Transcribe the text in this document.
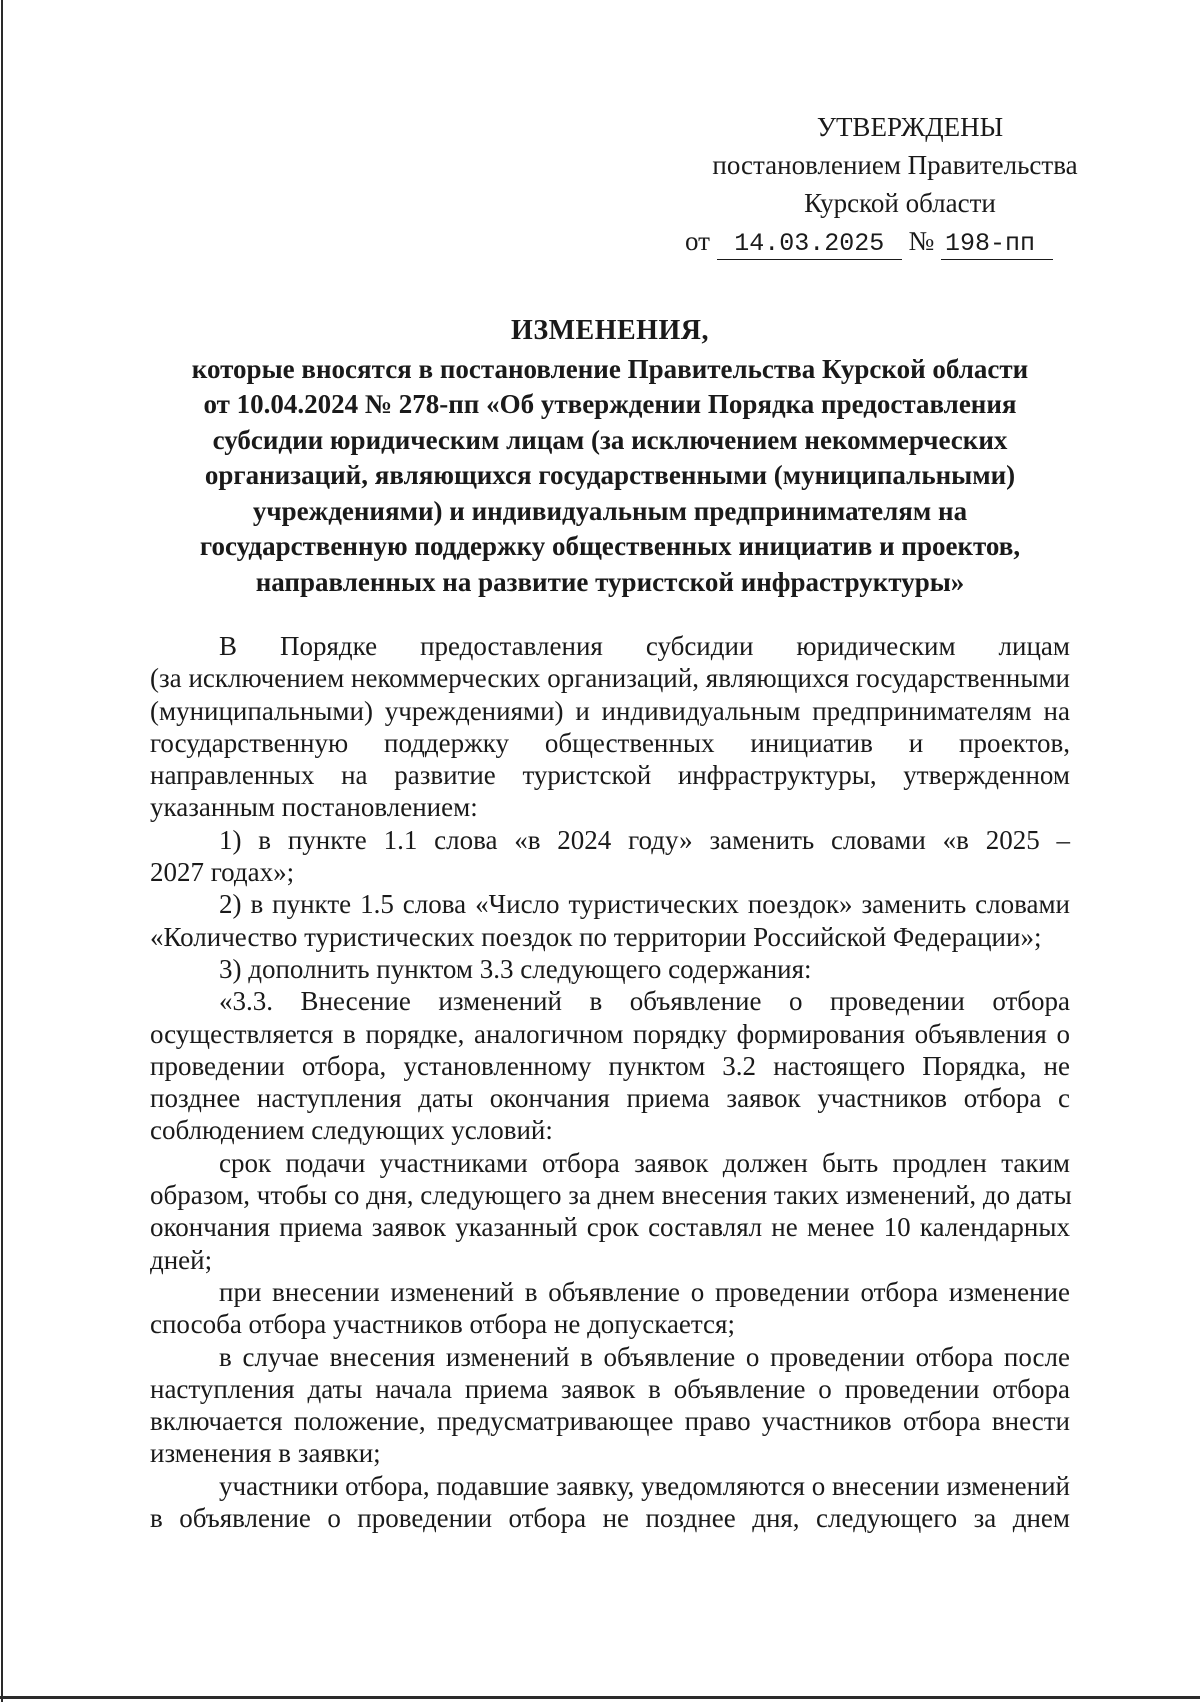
УТВЕРЖДЕНЫ
постановлением Правительства
Курской области
от 14.03.2025 № 198-пп
ИЗМЕНЕНИЯ,
которые вносятся в постановление Правительства Курской области
от 10.04.2024 № 278-пп «Об утверждении Порядка предоставления
субсидии юридическим лицам (за исключением некоммерческих
организаций, являющихся государственными (муниципальными)
учреждениями) и индивидуальным предпринимателям на
государственную поддержку общественных инициатив и проектов,
направленных на развитие туристской инфраструктуры»
В Порядке предоставления субсидии юридическим лицам
(за исключением некоммерческих организаций, являющихся государственными
(муниципальными) учреждениями) и индивидуальным предпринимателям на
государственную поддержку общественных инициатив и проектов,
направленных на развитие туристской инфраструктуры, утвержденном
указанным постановлением:
1) в пункте 1.1 слова «в 2024 году» заменить словами «в 2025 –
2027 годах»;
2) в пункте 1.5 слова «Число туристических поездок» заменить словами
«Количество туристических поездок по территории Российской Федерации»;
3) дополнить пунктом 3.3 следующего содержания:
«3.3. Внесение изменений в объявление о проведении отбора
осуществляется в порядке, аналогичном порядку формирования объявления о
проведении отбора, установленному пунктом 3.2 настоящего Порядка, не
позднее наступления даты окончания приема заявок участников отбора с
соблюдением следующих условий:
срок подачи участниками отбора заявок должен быть продлен таким
образом, чтобы со дня, следующего за днем внесения таких изменений, до даты
окончания приема заявок указанный срок составлял не менее 10 календарных
дней;
при внесении изменений в объявление о проведении отбора изменение
способа отбора участников отбора не допускается;
в случае внесения изменений в объявление о проведении отбора после
наступления даты начала приема заявок в объявление о проведении отбора
включается положение, предусматривающее право участников отбора внести
изменения в заявки;
участники отбора, подавшие заявку, уведомляются о внесении изменений
в объявление о проведении отбора не позднее дня, следующего за днем
